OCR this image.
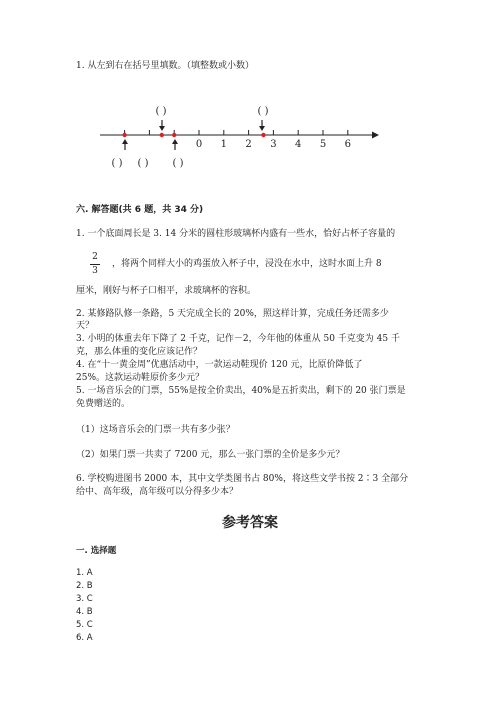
1. 从左到右在括号里填数。（填整数或小数）
( )	( )
0 1 2 3 4 5 6
( ) ( ) ( )
六. 解答题(共 6 题，共 34 分)
1. 一个底面周长是 3. 14 分米的圆柱形玻璃杯内盛有一些水，恰好占杯子容量的
2
3
，将两个同样大小的鸡蛋放入杯子中，浸没在水中，这时水面上升 8
厘米，刚好与杯子口相平，求玻璃杯的容积。
2. 某修路队修一条路，5 天完成全长的 20%，照这样计算，完成任务还需多少
天？
3. 小明的体重去年下降了 2 千克，记作－2，今年他的体重从 50 千克变为 45 千
克，那么体重的变化应该记作？
4. 在“十一黄金周”优惠活动中，一款运动鞋现价 120 元，比原价降低了
25%。这款运动鞋原价多少元？
5. 一场音乐会的门票，55%是按全价卖出，40%是五折卖出，剩下的 20 张门票是
免费赠送的。
（1）这场音乐会的门票一共有多少张？
（2）如果门票一共卖了 7200 元，那么一张门票的全价是多少元？
6. 学校购进图书 2000 本，其中文学类图书占 80%，将这些文学书按 2∶3 全部分
给中、高年级，高年级可以分得多少本？
参考答案
一. 选择题
1. A
2. B
3. C
4. B
5. C
6. A
